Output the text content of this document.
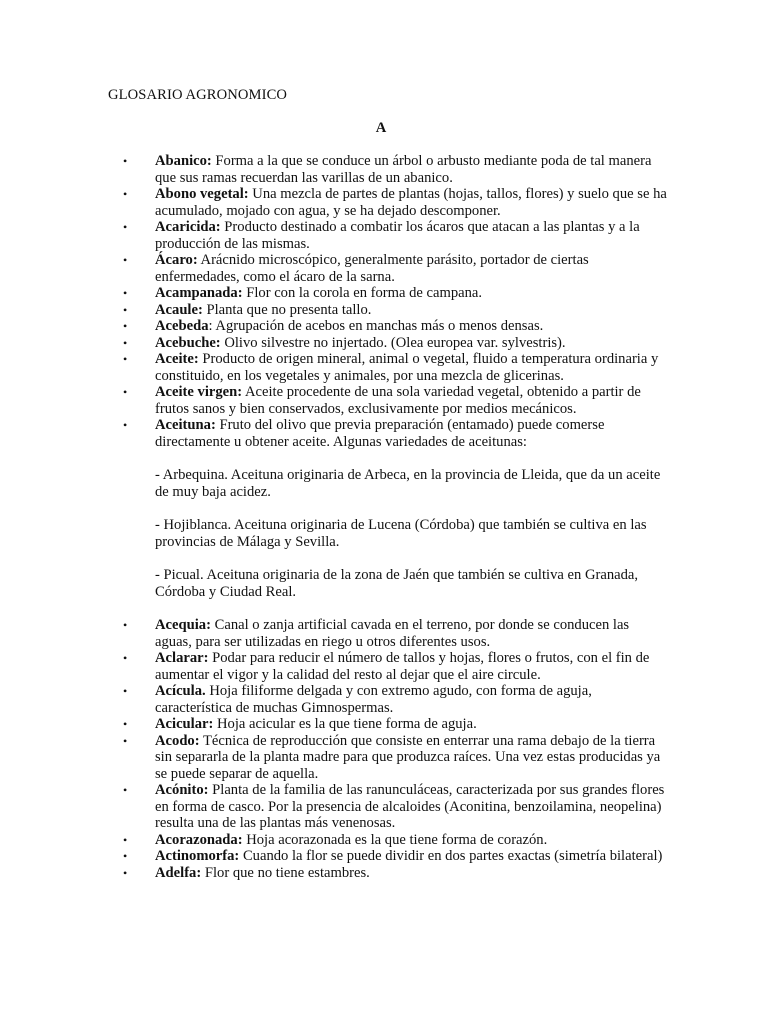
GLOSARIO AGRONOMICO
A
• Abanico: Forma a la que se conduce un árbol o arbusto mediante poda de tal manera que sus ramas recuerdan las varillas de un abanico.
• Abono vegetal: Una mezcla de partes de plantas (hojas, tallos, flores) y suelo que se ha acumulado, mojado con agua, y se ha dejado descomponer.
• Acaricida: Producto destinado a combatir los ácaros que atacan a las plantas y a la producción de las mismas.
• Ácaro: Arácnido microscópico, generalmente parásito, portador de ciertas enfermedades, como el ácaro de la sarna.
• Acampanada: Flor con la corola en forma de campana.
• Acaule: Planta que no presenta tallo.
• Acebeda: Agrupación de acebos en manchas más o menos densas.
• Acebuche: Olivo silvestre no injertado. (Olea europea var. sylvestris).
• Aceite: Producto de origen mineral, animal o vegetal, fluido a temperatura ordinaria y constituido, en los vegetales y animales, por una mezcla de glicerinas.
• Aceite virgen: Aceite procedente de una sola variedad vegetal, obtenido a partir de frutos sanos y bien conservados, exclusivamente por medios mecánicos.
• Aceituna: Fruto del olivo que previa preparación (entamado) puede comerse directamente u obtener aceite. Algunas variedades de aceitunas:
- Arbequina. Aceituna originaria de Arbeca, en la provincia de Lleida, que da un aceite de muy baja acidez.
- Hojiblanca. Aceituna originaria de Lucena (Córdoba) que también se cultiva en las provincias de Málaga y Sevilla.
- Picual. Aceituna originaria de la zona de Jaén que también se cultiva en Granada, Córdoba y Ciudad Real.
• Acequia: Canal o zanja artificial cavada en el terreno, por donde se conducen las aguas, para ser utilizadas en riego u otros diferentes usos.
• Aclarar: Podar para reducir el número de tallos y hojas, flores o frutos, con el fin de aumentar el vigor y la calidad del resto al dejar que el aire circule.
• Acícula. Hoja filiforme delgada y con extremo agudo, con forma de aguja, característica de muchas Gimnospermas.
• Acicular: Hoja acicular es la que tiene forma de aguja.
• Acodo: Técnica de reproducción que consiste en enterrar una rama debajo de la tierra sin separarla de la planta madre para que produzca raíces. Una vez estas producidas ya se puede separar de aquella.
• Acónito: Planta de la familia de las ranunculáceas, caracterizada por sus grandes flores en forma de casco. Por la presencia de alcaloides (Aconitina, benzoilamina, neopelina) resulta una de las plantas más venenosas.
• Acorazonada: Hoja acorazonada es la que tiene forma de corazón.
• Actinomorfa: Cuando la flor se puede dividir en dos partes exactas (simetría bilateral)
• Adelfa: Flor que no tiene estambres.
